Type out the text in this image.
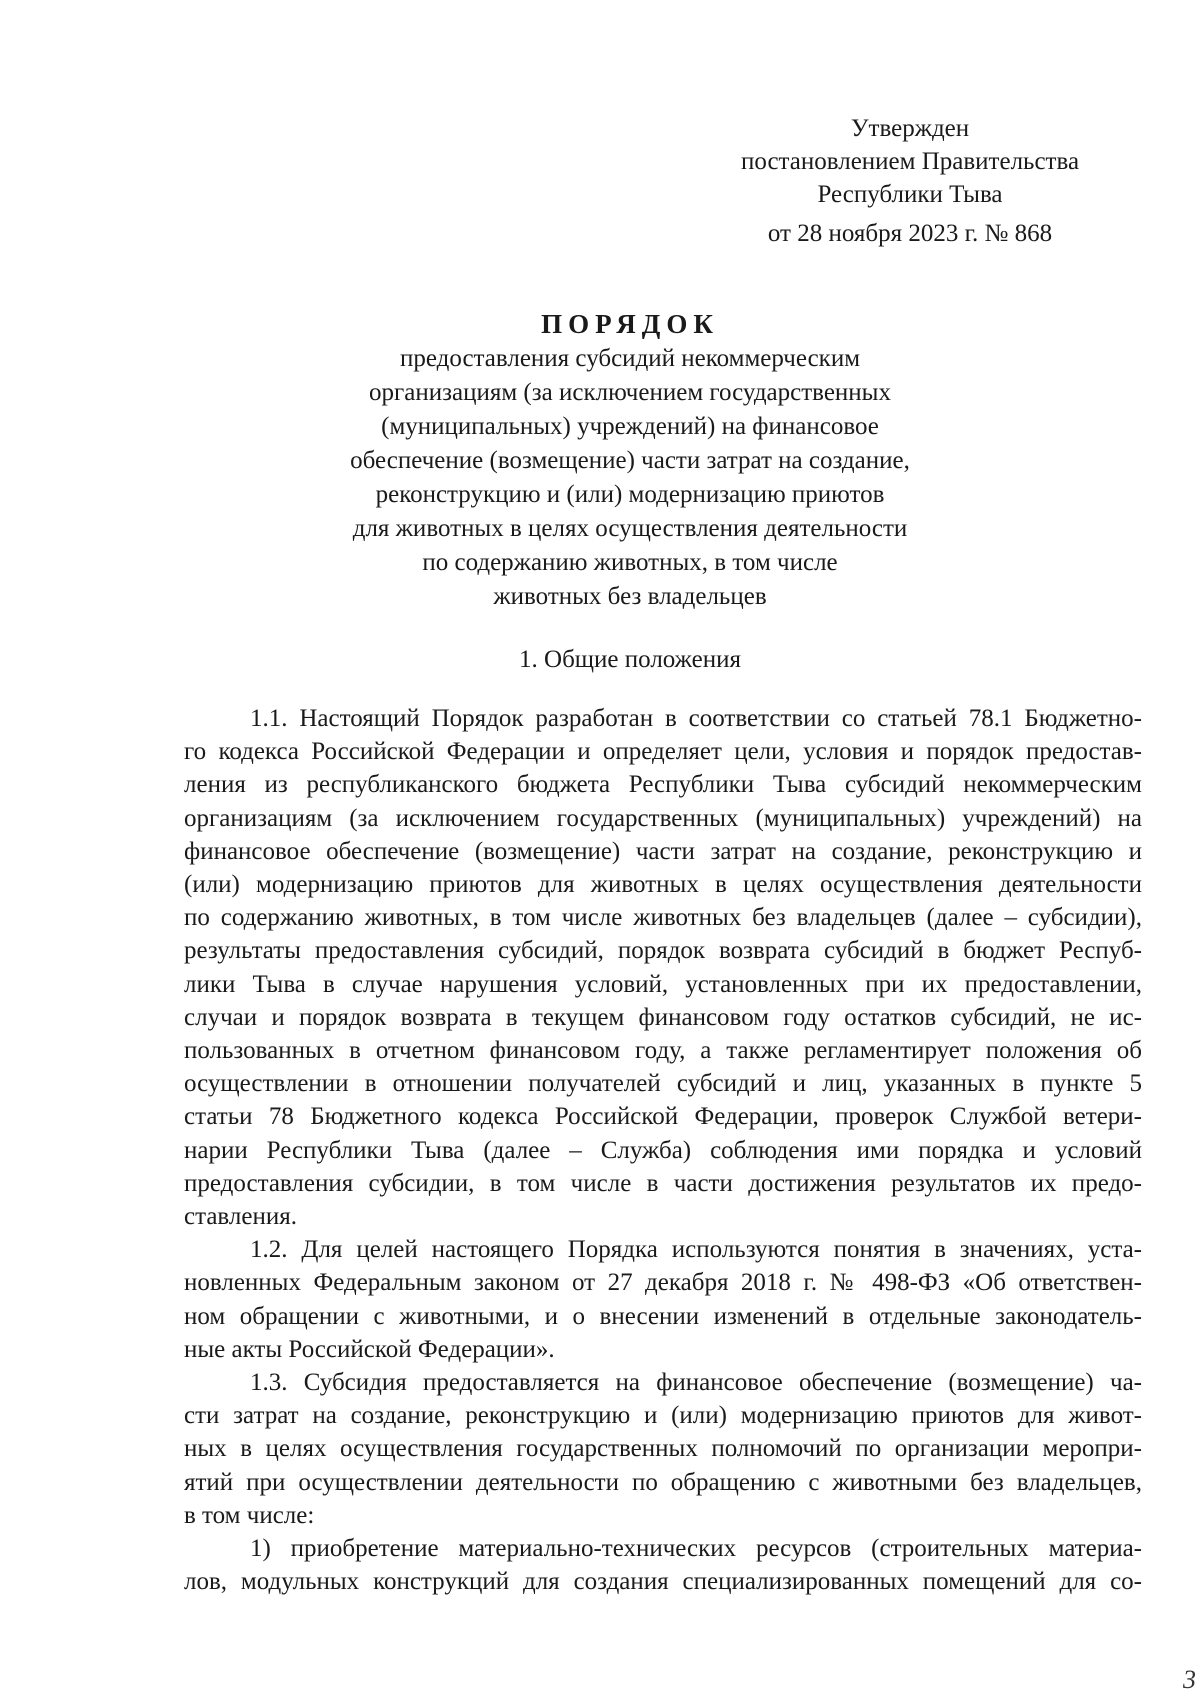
Утвержден
постановлением Правительства
Республики Тыва
от 28 ноября 2023 г. № 868
ПОРЯДОК
предоставления субсидий некоммерческим
организациям (за исключением государственных
(муниципальных) учреждений) на финансовое
обеспечение (возмещение) части затрат на создание,
реконструкцию и (или) модернизацию приютов
для животных в целях осуществления деятельности
по содержанию животных, в том числе
животных без владельцев
1. Общие положения
1.1. Настоящий Порядок разработан в соответствии со статьей 78.1 Бюджетно-
го кодекса Российской Федерации и определяет цели, условия и порядок предостав-
ления из республиканского бюджета Республики Тыва субсидий некоммерческим
организациям (за исключением государственных (муниципальных) учреждений) на
финансовое обеспечение (возмещение) части затрат на создание, реконструкцию и
(или) модернизацию приютов для животных в целях осуществления деятельности
по содержанию животных, в том числе животных без владельцев (далее – субсидии),
результаты предоставления субсидий, порядок возврата субсидий в бюджет Респуб-
лики Тыва в случае нарушения условий, установленных при их предоставлении,
случаи и порядок возврата в текущем финансовом году остатков субсидий, не ис-
пользованных в отчетном финансовом году, а также регламентирует положения об
осуществлении в отношении получателей субсидий и лиц, указанных в пункте 5
статьи 78 Бюджетного кодекса Российской Федерации, проверок Службой ветери-
нарии Республики Тыва (далее – Служба) соблюдения ими порядка и условий
предоставления субсидии, в том числе в части достижения результатов их предо-
ставления.
1.2. Для целей настоящего Порядка используются понятия в значениях, уста-
новленных Федеральным законом от 27 декабря 2018 г. № 498-ФЗ «Об ответствен-
ном обращении с животными, и о внесении изменений в отдельные законодатель-
ные акты Российской Федерации».
1.3. Субсидия предоставляется на финансовое обеспечение (возмещение) ча-
сти затрат на создание, реконструкцию и (или) модернизацию приютов для живот-
ных в целях осуществления государственных полномочий по организации меропри-
ятий при осуществлении деятельности по обращению с животными без владельцев,
в том числе:
1) приобретение материально-технических ресурсов (строительных материа-
лов, модульных конструкций для создания специализированных помещений для со-
3
